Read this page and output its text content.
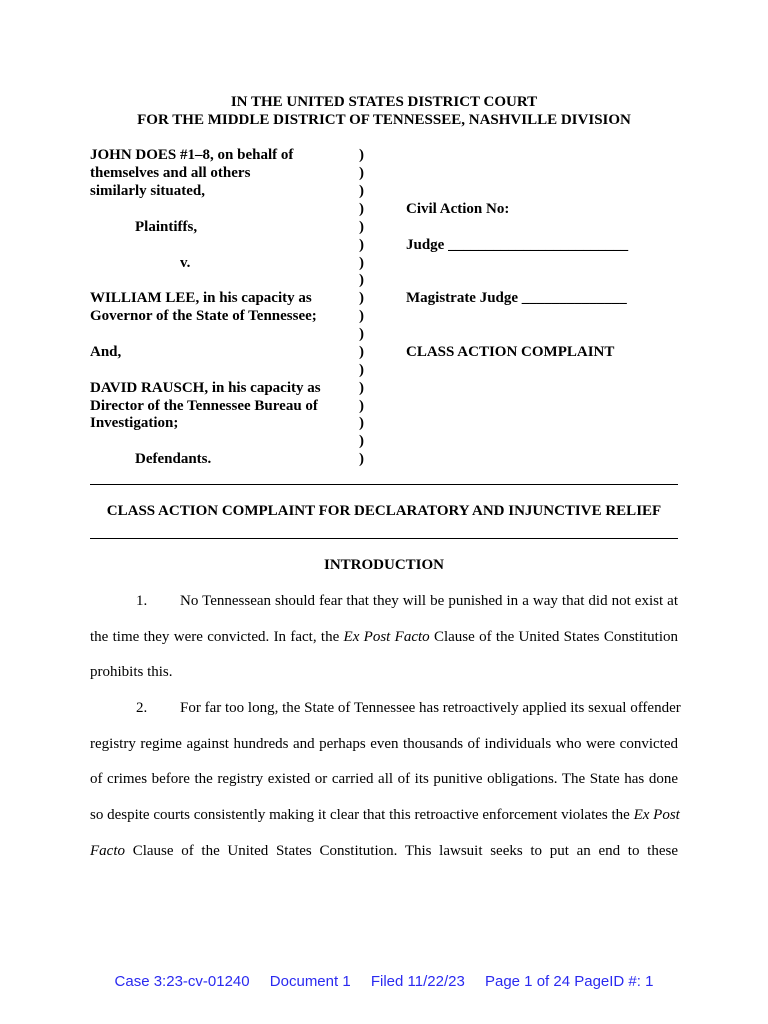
IN THE UNITED STATES DISTRICT COURT
FOR THE MIDDLE DISTRICT OF TENNESSEE, NASHVILLE DIVISION
JOHN DOES #1–8, on behalf of
themselves and all others
similarly situated,
Plaintiffs,
v.
WILLIAM LEE, in his capacity as
Governor of the State of Tennessee;
And,
DAVID RAUSCH, in his capacity as
Director of the Tennessee Bureau of
Investigation;
Defendants.
)
)
)
)
)
)
)
)
)
)
)
)
)
)
)
)
)
)
Civil Action No:
Judge ________________________
Magistrate Judge ______________
CLASS ACTION COMPLAINT
CLASS ACTION COMPLAINT FOR DECLARATORY AND INJUNCTIVE RELIEF
INTRODUCTION
1. No Tennessean should fear that they will be punished in a way that did not exist at
the time they were convicted. In fact, the Ex Post Facto Clause of the United States Constitution
prohibits this.
2. For far too long, the State of Tennessee has retroactively applied its sexual offender
registry regime against hundreds and perhaps even thousands of individuals who were convicted
of crimes before the registry existed or carried all of its punitive obligations. The State has done
so despite courts consistently making it clear that this retroactive enforcement violates the Ex Post
Facto Clause of the United States Constitution. This lawsuit seeks to put an end to these
Case 3:23-cv-01240 Document 1 Filed 11/22/23 Page 1 of 24 PageID #: 1
